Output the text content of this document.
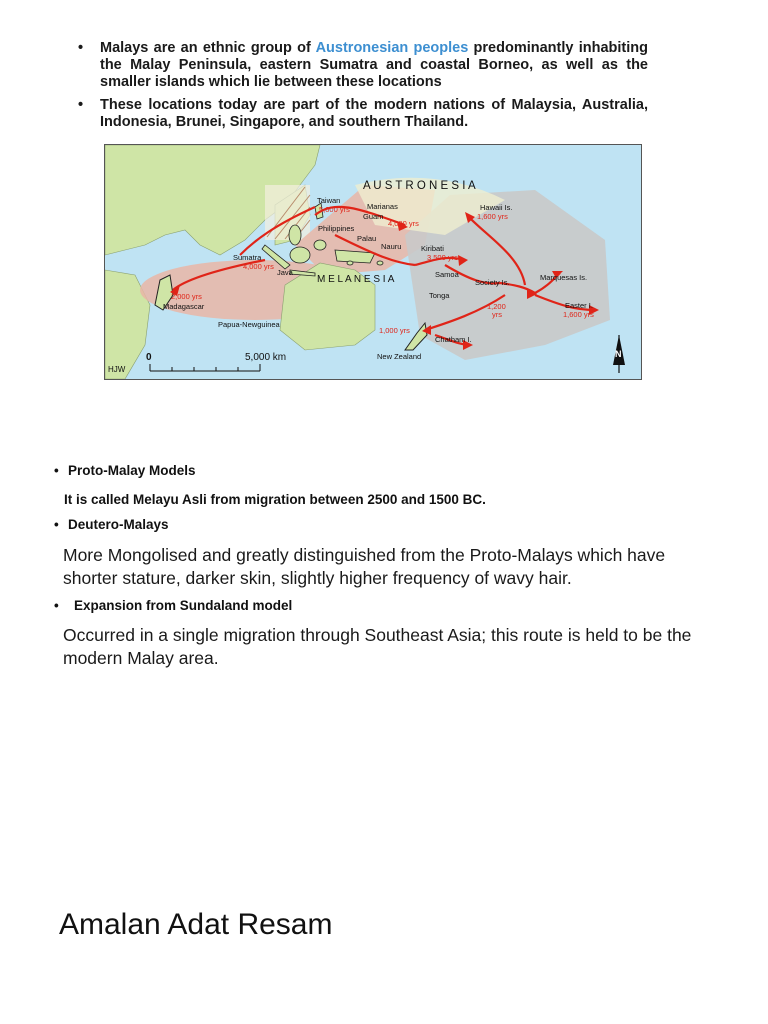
•	Malays are an ethnic group of Austronesian peoples predominantly inhabiting the Malay Peninsula, eastern Sumatra and coastal Borneo, as well as the smaller islands which lie between these locations
•	These locations today are part of the modern nations of Malaysia, Australia, Indonesia, Brunei, Singapore, and southern Thailand.
A U S T R O N E S I A
Taiwan
5,000 yrs Marianas
Guam
4,000 yrs
Philippines
Palau
Nauru	Kiribati
Hawaii Is.
1,600 yrs
Sumatra
4,000 yrs
Java
3,500 yrs
Samoa
Society Is.
Marquesas Is.
M E L A N E S I A
Tonga
2,000 yrs
Madagascar	1,200
yrs
Easter I.
1,600 yrs
Papua-Newguinea
1,000 yrs
Chatham I.
New Zealand
0	5,000 km
HJW
N
• Proto-Malay Models
It is called Melayu Asli from migration between 2500 and 1500 BC.
• Deutero-Malays
More Mongolised and greatly distinguished from the Proto-Malays which have shorter stature, darker skin, slightly higher frequency of wavy hair.
•	Expansion from Sundaland model
Occurred in a single migration through Southeast Asia; this route is held to be the modern Malay area.
Amalan Adat Resam
